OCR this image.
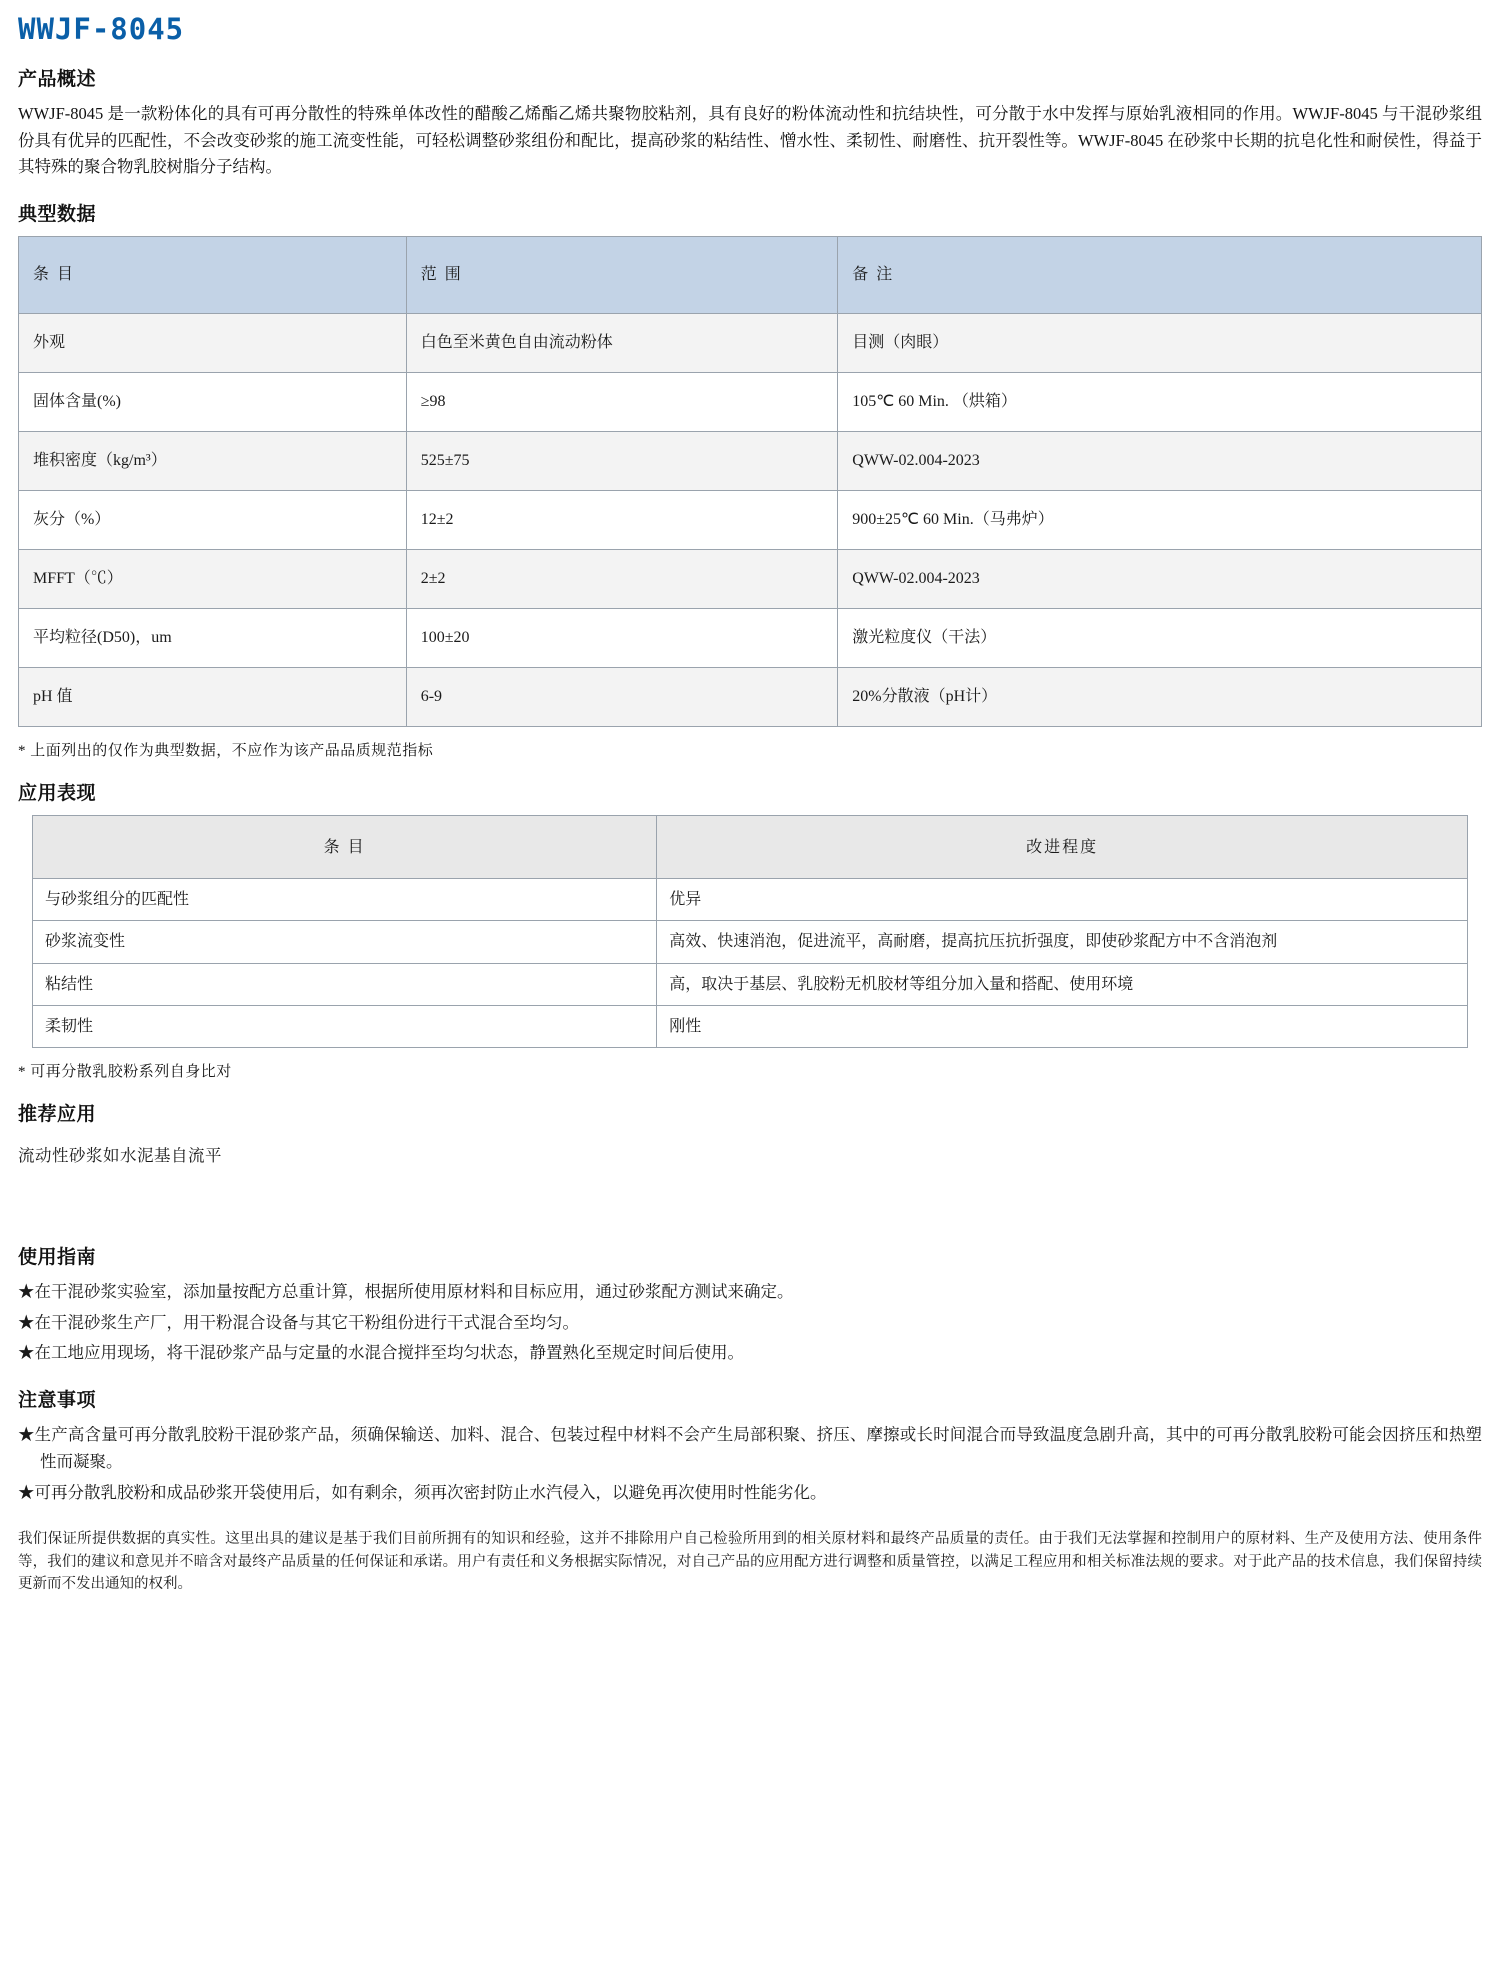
WWJF-8045
产品概述

WWJF-8045 是一款粉体化的具有可再分散性的特殊单体改性的醋酸乙烯酯乙烯共聚物胶粘剂，具有良好的粉体流动性和抗结块性，可分散于水中发挥与原始乳液相同的作用。WWJF-8045 与干混砂浆组份具有优异的匹配性，不会改变砂浆的施工流变性能，可轻松调整砂浆组份和配比，提高砂浆的粘结性、憎水性、柔韧性、耐磨性、抗开裂性等。WWJF-8045 在砂浆中长期的抗皂化性和耐侯性，得益于其特殊的聚合物乳胶树脂分子结构。

典型数据
条 目	范 围	备 注
外观	白色至米黄色自由流动粉体	目测（肉眼）
固体含量(%)	≥98	105℃ 60 Min. （烘箱）
堆积密度（kg/m³）	525±75	QWW-02.004-2023
灰分（%）	12±2	900±25℃ 60 Min.（马弗炉）
MFFT（℃）	2±2	QWW-02.004-2023
平均粒径(D50)，um	100±20	激光粒度仪（干法）
pH 值	6-9	20%分散液（pH计）

* 上面列出的仅作为典型数据，不应作为该产品品质规范指标

应用表现
条 目	改进程度
与砂浆组分的匹配性	优异
砂浆流变性	高效、快速消泡，促进流平，高耐磨，提高抗压抗折强度，即使砂浆配方中不含消泡剂
粘结性	高，取决于基层、乳胶粉无机胶材等组分加入量和搭配、使用环境
柔韧性	刚性

* 可再分散乳胶粉系列自身比对

推荐应用

流动性砂浆如水泥基自流平

使用指南

★在干混砂浆实验室，添加量按配方总重计算，根据所使用原材料和目标应用，通过砂浆配方测试来确定。

★在干混砂浆生产厂，用干粉混合设备与其它干粉组份进行干式混合至均匀。

★在工地应用现场，将干混砂浆产品与定量的水混合搅拌至均匀状态，静置熟化至规定时间后使用。

注意事项

★生产高含量可再分散乳胶粉干混砂浆产品，须确保输送、加料、混合、包装过程中材料不会产生局部积聚、挤压、摩擦或长时间混合而导致温度急剧升高，其中的可再分散乳胶粉可能会因挤压和热塑性而凝聚。

★可再分散乳胶粉和成品砂浆开袋使用后，如有剩余，须再次密封防止水汽侵入，以避免再次使用时性能劣化。

我们保证所提供数据的真实性。这里出具的建议是基于我们目前所拥有的知识和经验，这并不排除用户自己检验所用到的相关原材料和最终产品质量的责任。由于我们无法掌握和控制用户的原材料、生产及使用方法、使用条件等，我们的建议和意见并不暗含对最终产品质量的任何保证和承诺。用户有责任和义务根据实际情况，对自己产品的应用配方进行调整和质量管控，以满足工程应用和相关标准法规的要求。对于此产品的技术信息，我们保留持续更新而不发出通知的权利。
